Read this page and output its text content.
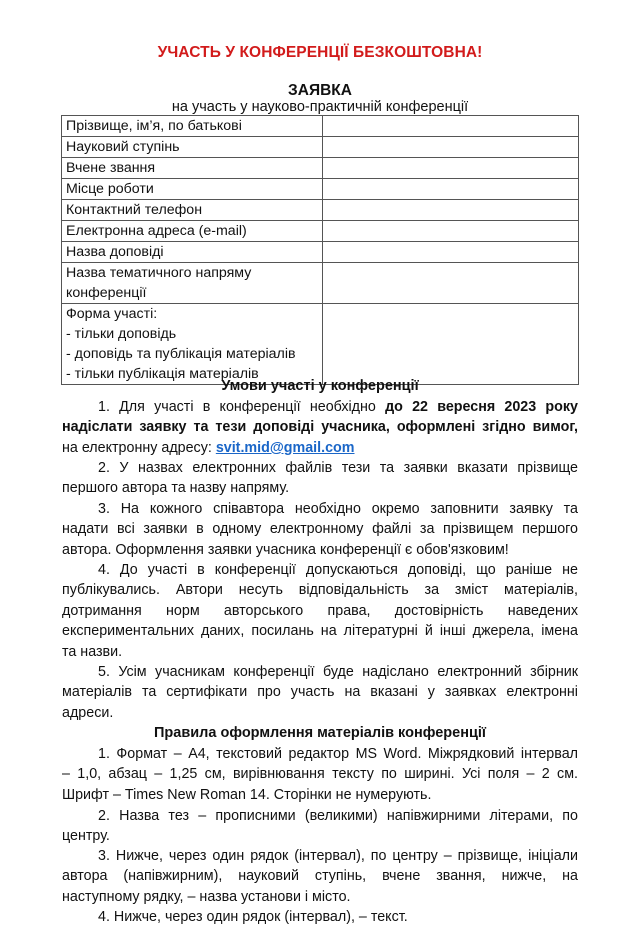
УЧАСТЬ У КОНФЕРЕНЦІЇ БЕЗКОШТОВНА!
ЗАЯВКА
на участь у науково-практичній конференції
Прізвище, ім’я, по батькові	
Науковий ступінь	
Вчене звання	
Місце роботи	
Контактний телефон	
Електронна адреса (e-mail)	
Назва доповіді	

Назва тематичного напряму
конференції	

Форма участі:
- тільки доповідь
- доповідь та публікація матеріалів
- тільки публікація матеріалів	

Умови участі у конференції
1. Для участі в конференції необхідно до 22 вересня 2023 року
надіслати заявку та тези доповіді учасника, оформлені згідно вимог,
на електронну адресу: svit.mid@gmail.com
2. У назвах електронних файлів тези та заявки вказати прізвище
першого автора та назву напряму.
3. На кожного співавтора необхідно окремо заповнити заявку та
надати всі заявки в одному електронному файлі за прізвищем першого
автора. Оформлення заявки учасника конференції є обов'язковим!
4. До участі в конференції допускаються доповіді, що раніше не
публікувались. Автори несуть відповідальність за зміст матеріалів,
дотримання норм авторського права, достовірність наведених
експериментальних даних, посилань на літературні й інші джерела, імена
та назви.
5. Усім учасникам конференції буде надіслано електронний збірник
матеріалів та сертифікати про участь на вказані у заявках електронні
адреси.
Правила оформлення матеріалів конференції
1. Формат – А4, текстовий редактор MS Word. Міжрядковий інтервал
– 1,0, абзац – 1,25 см, вирівнювання тексту по ширині. Усі поля – 2 см.
Шрифт – Times New Roman 14. Сторінки не нумерують.
2. Назва тез – прописними (великими) напівжирними літерами, по
центру.
3. Нижче, через один рядок (інтервал), по центру – прізвище, ініціали
автора (напівжирним), науковий ступінь, вчене звання, нижче, на
наступному рядку, – назва установи і місто.
4. Нижче, через один рядок (інтервал), – текст.
